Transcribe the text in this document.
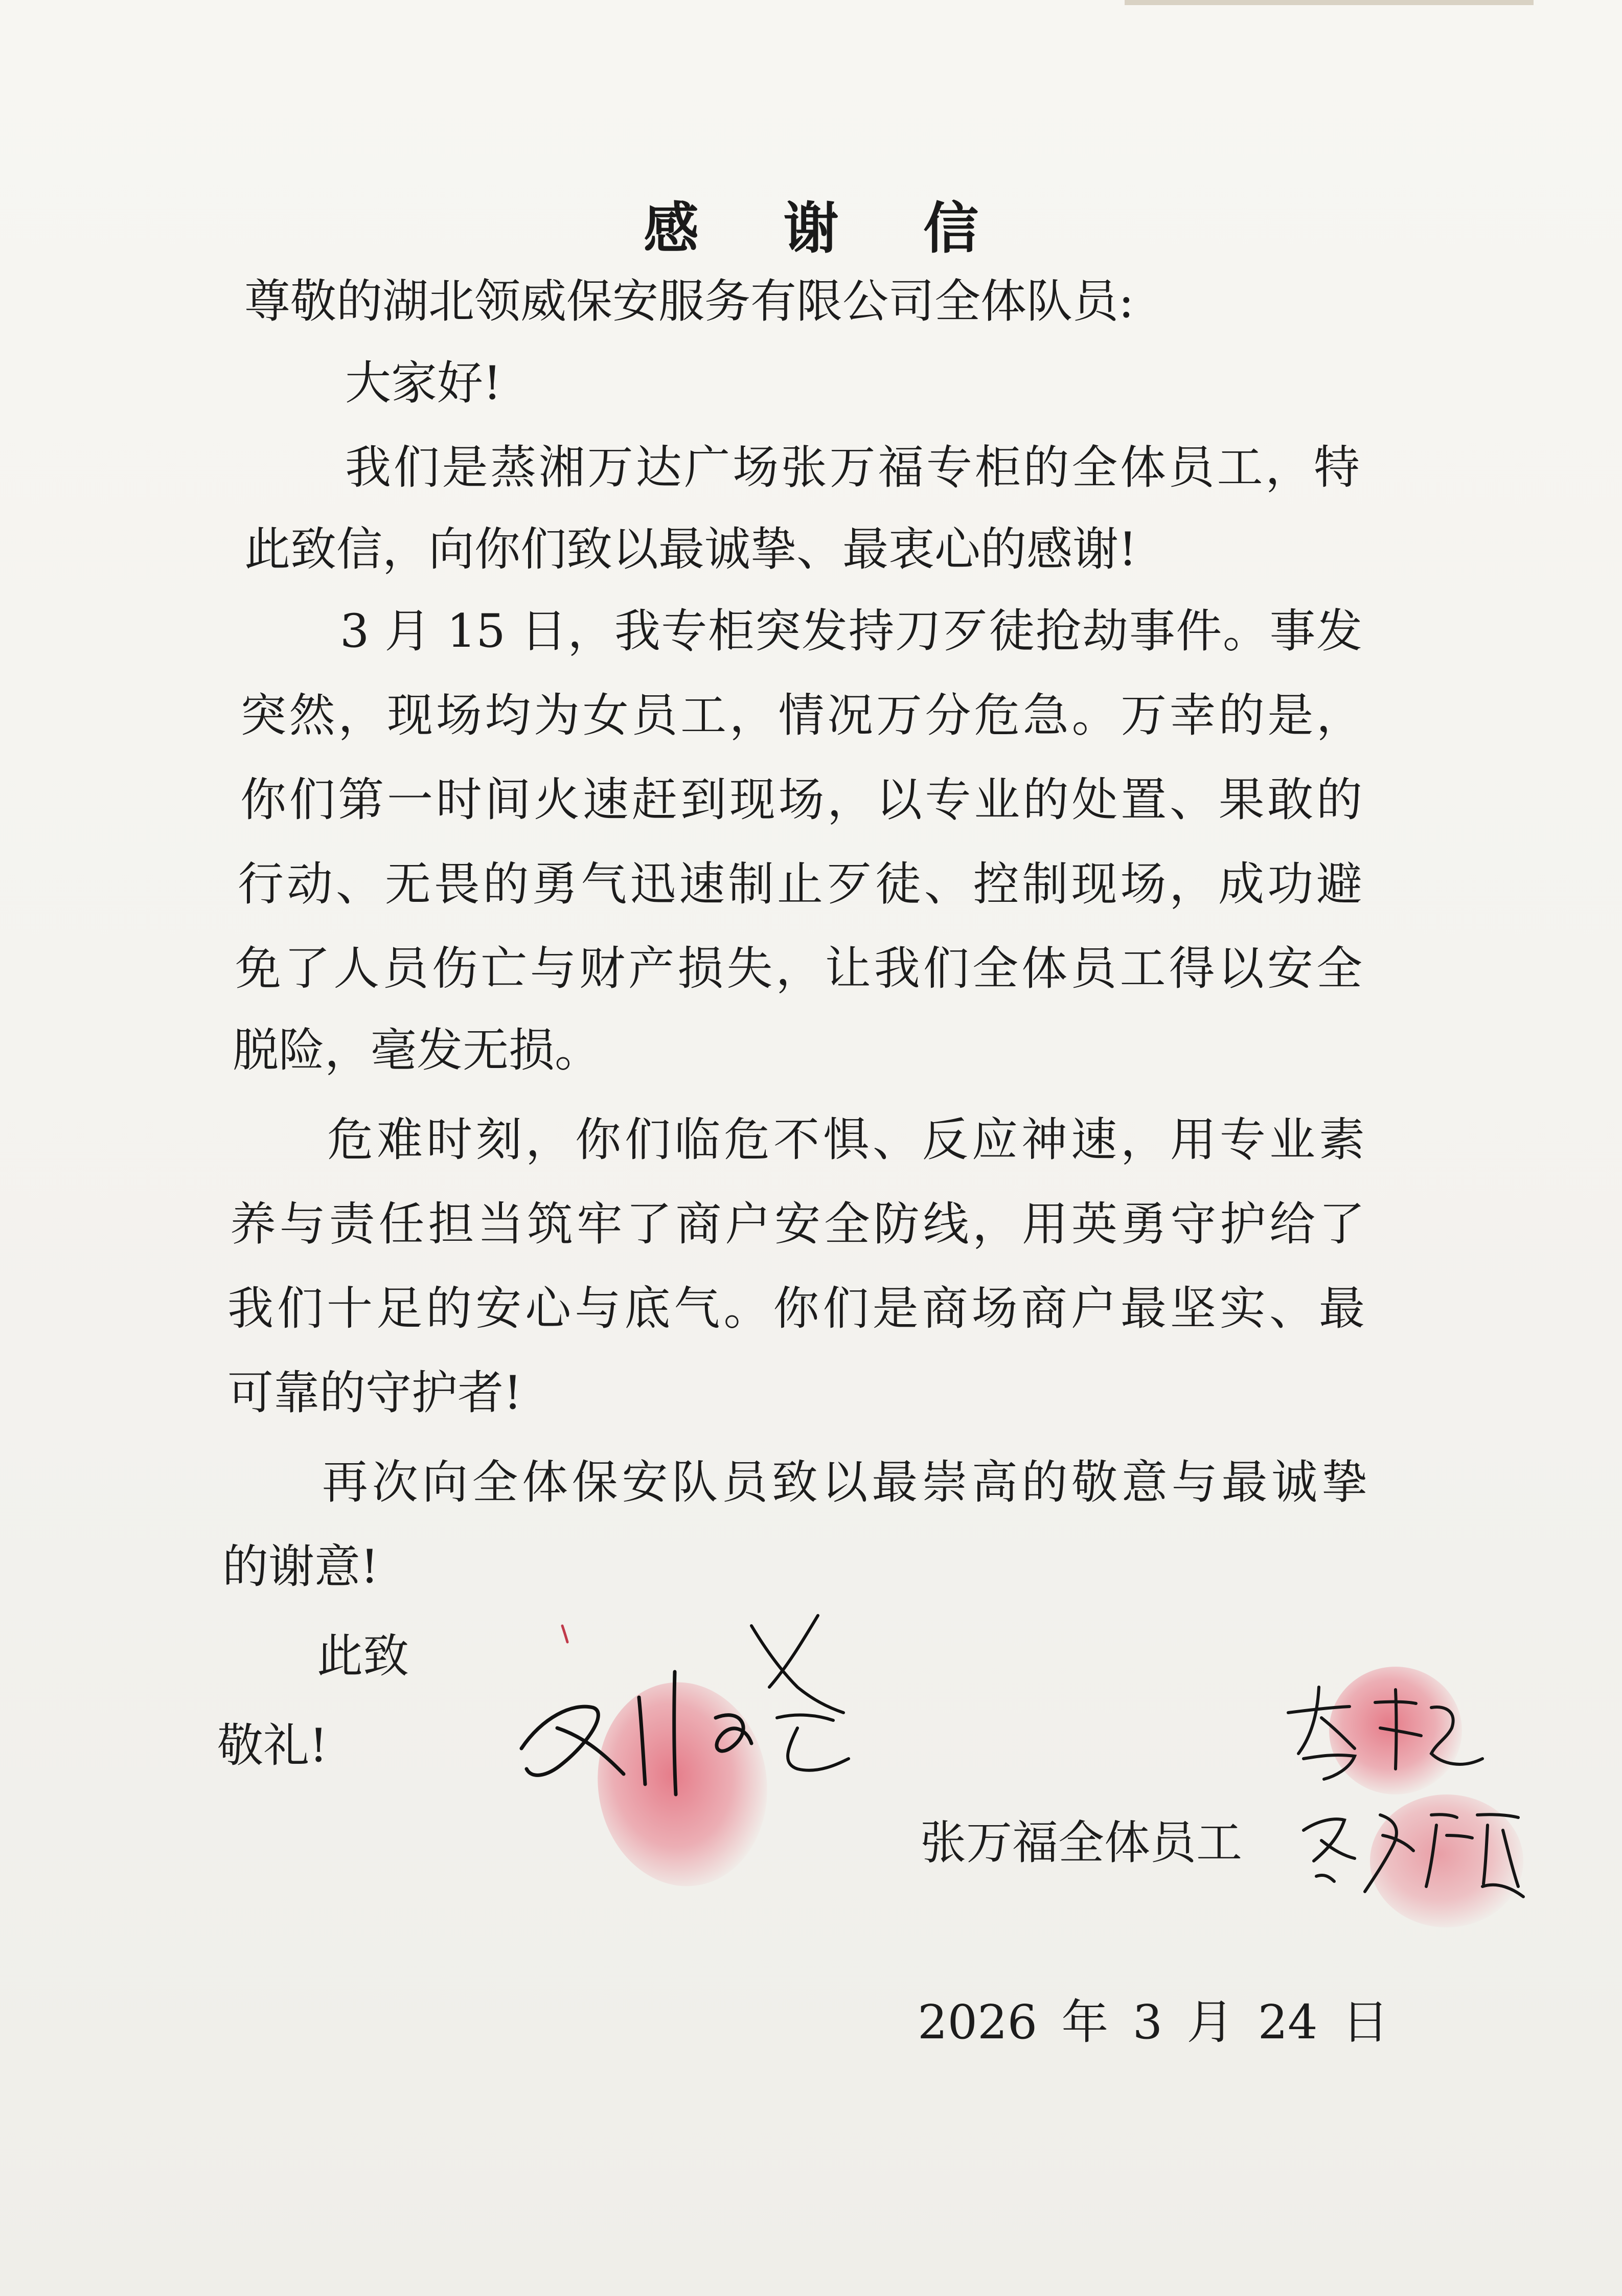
感 谢 信
尊敬的湖北领威保安服务有限公司全体队员:
大家好!
我们是蒸湘万达广场张万福专柜的全体员工，特
此致信，向你们致以最诚挚、最衷心的感谢!
3 月 15 日，我专柜突发持刀歹徒抢劫事件。事发
突然，现场均为女员工，情况万分危急。万幸的是，
你们第一时间火速赶到现场，以专业的处置、果敢的
行动、无畏的勇气迅速制止歹徒、控制现场，成功避
免了人员伤亡与财产损失，让我们全体员工得以安全
脱险，毫发无损。
危难时刻，你们临危不惧、反应神速，用专业素
养与责任担当筑牢了商户安全防线，用英勇守护给了
我们十足的安心与底气。你们是商场商户最坚实、最
可靠的守护者!
再次向全体保安队员致以最崇高的敬意与最诚挚
的谢意!
此致
敬礼!
张万福全体员工
2026 年 3 月 24 日
